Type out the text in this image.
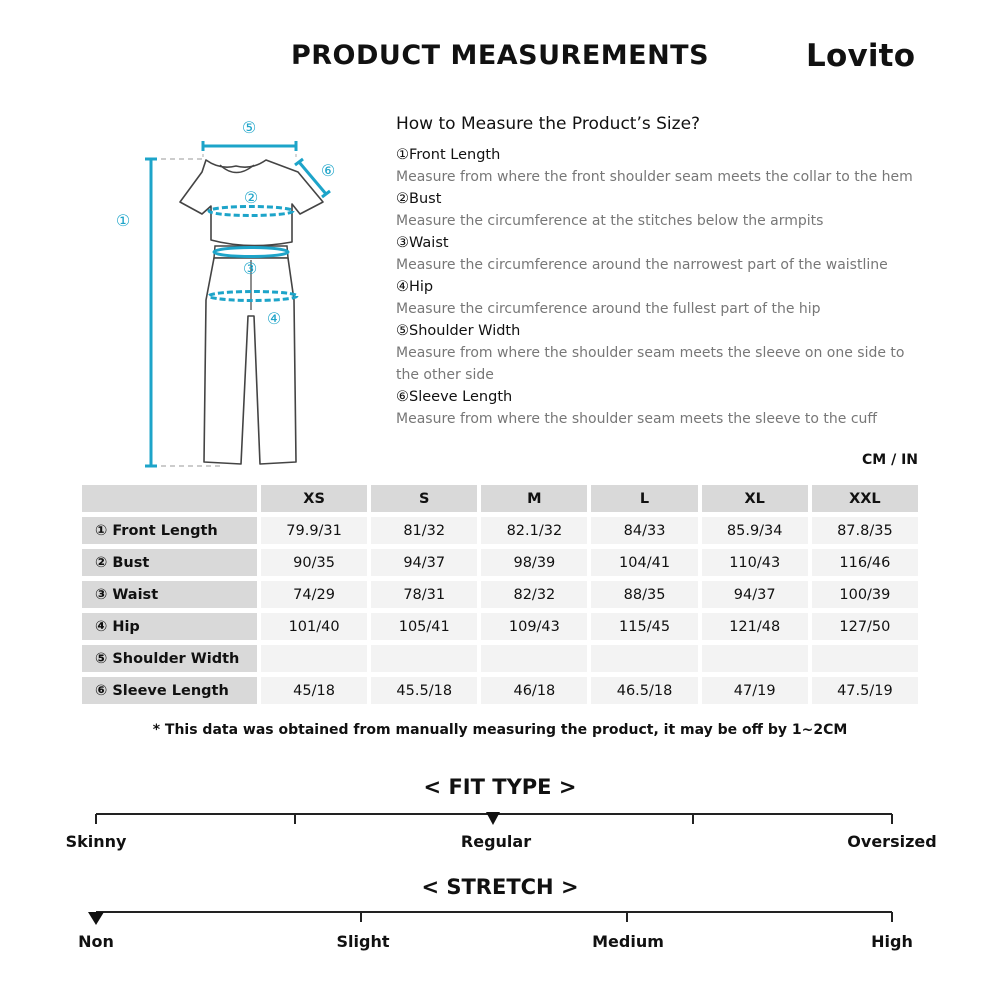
PRODUCT MEASUREMENTS	Lovito
①
②
③
④
⑤
⑥
How to Measure the Product’s Size?
①Front Length
Measure from where the front shoulder seam meets the collar to the hem
②Bust
Measure the circumference at the stitches below the armpits
③Waist
Measure the circumference around the narrowest part of the waistline
④Hip
Measure the circumference around the fullest part of the hip
⑤Shoulder Width
Measure from where the shoulder seam meets the sleeve on one side to the other side
⑥Sleeve Length
Measure from where the shoulder seam meets the sleeve to the cuff
CM / IN
	XS	S	M	L	XL	XXL
① Front Length	79.9/31	81/32	82.1/32	84/33	85.9/34	87.8/35
② Bust	90/35	94/37	98/39	104/41	110/43	116/46
③ Waist	74/29	78/31	82/32	88/35	94/37	100/39
④ Hip	101/40	105/41	109/43	115/45	121/48	127/50
⑤ Shoulder Width						
⑥ Sleeve Length	45/18	45.5/18	46/18	46.5/18	47/19	47.5/19
* This data was obtained from manually measuring the product, it may be off by 1~2CM
< FIT TYPE >
Skinny	Regular	Oversized
< STRETCH >
Non	Slight	Medium	High
